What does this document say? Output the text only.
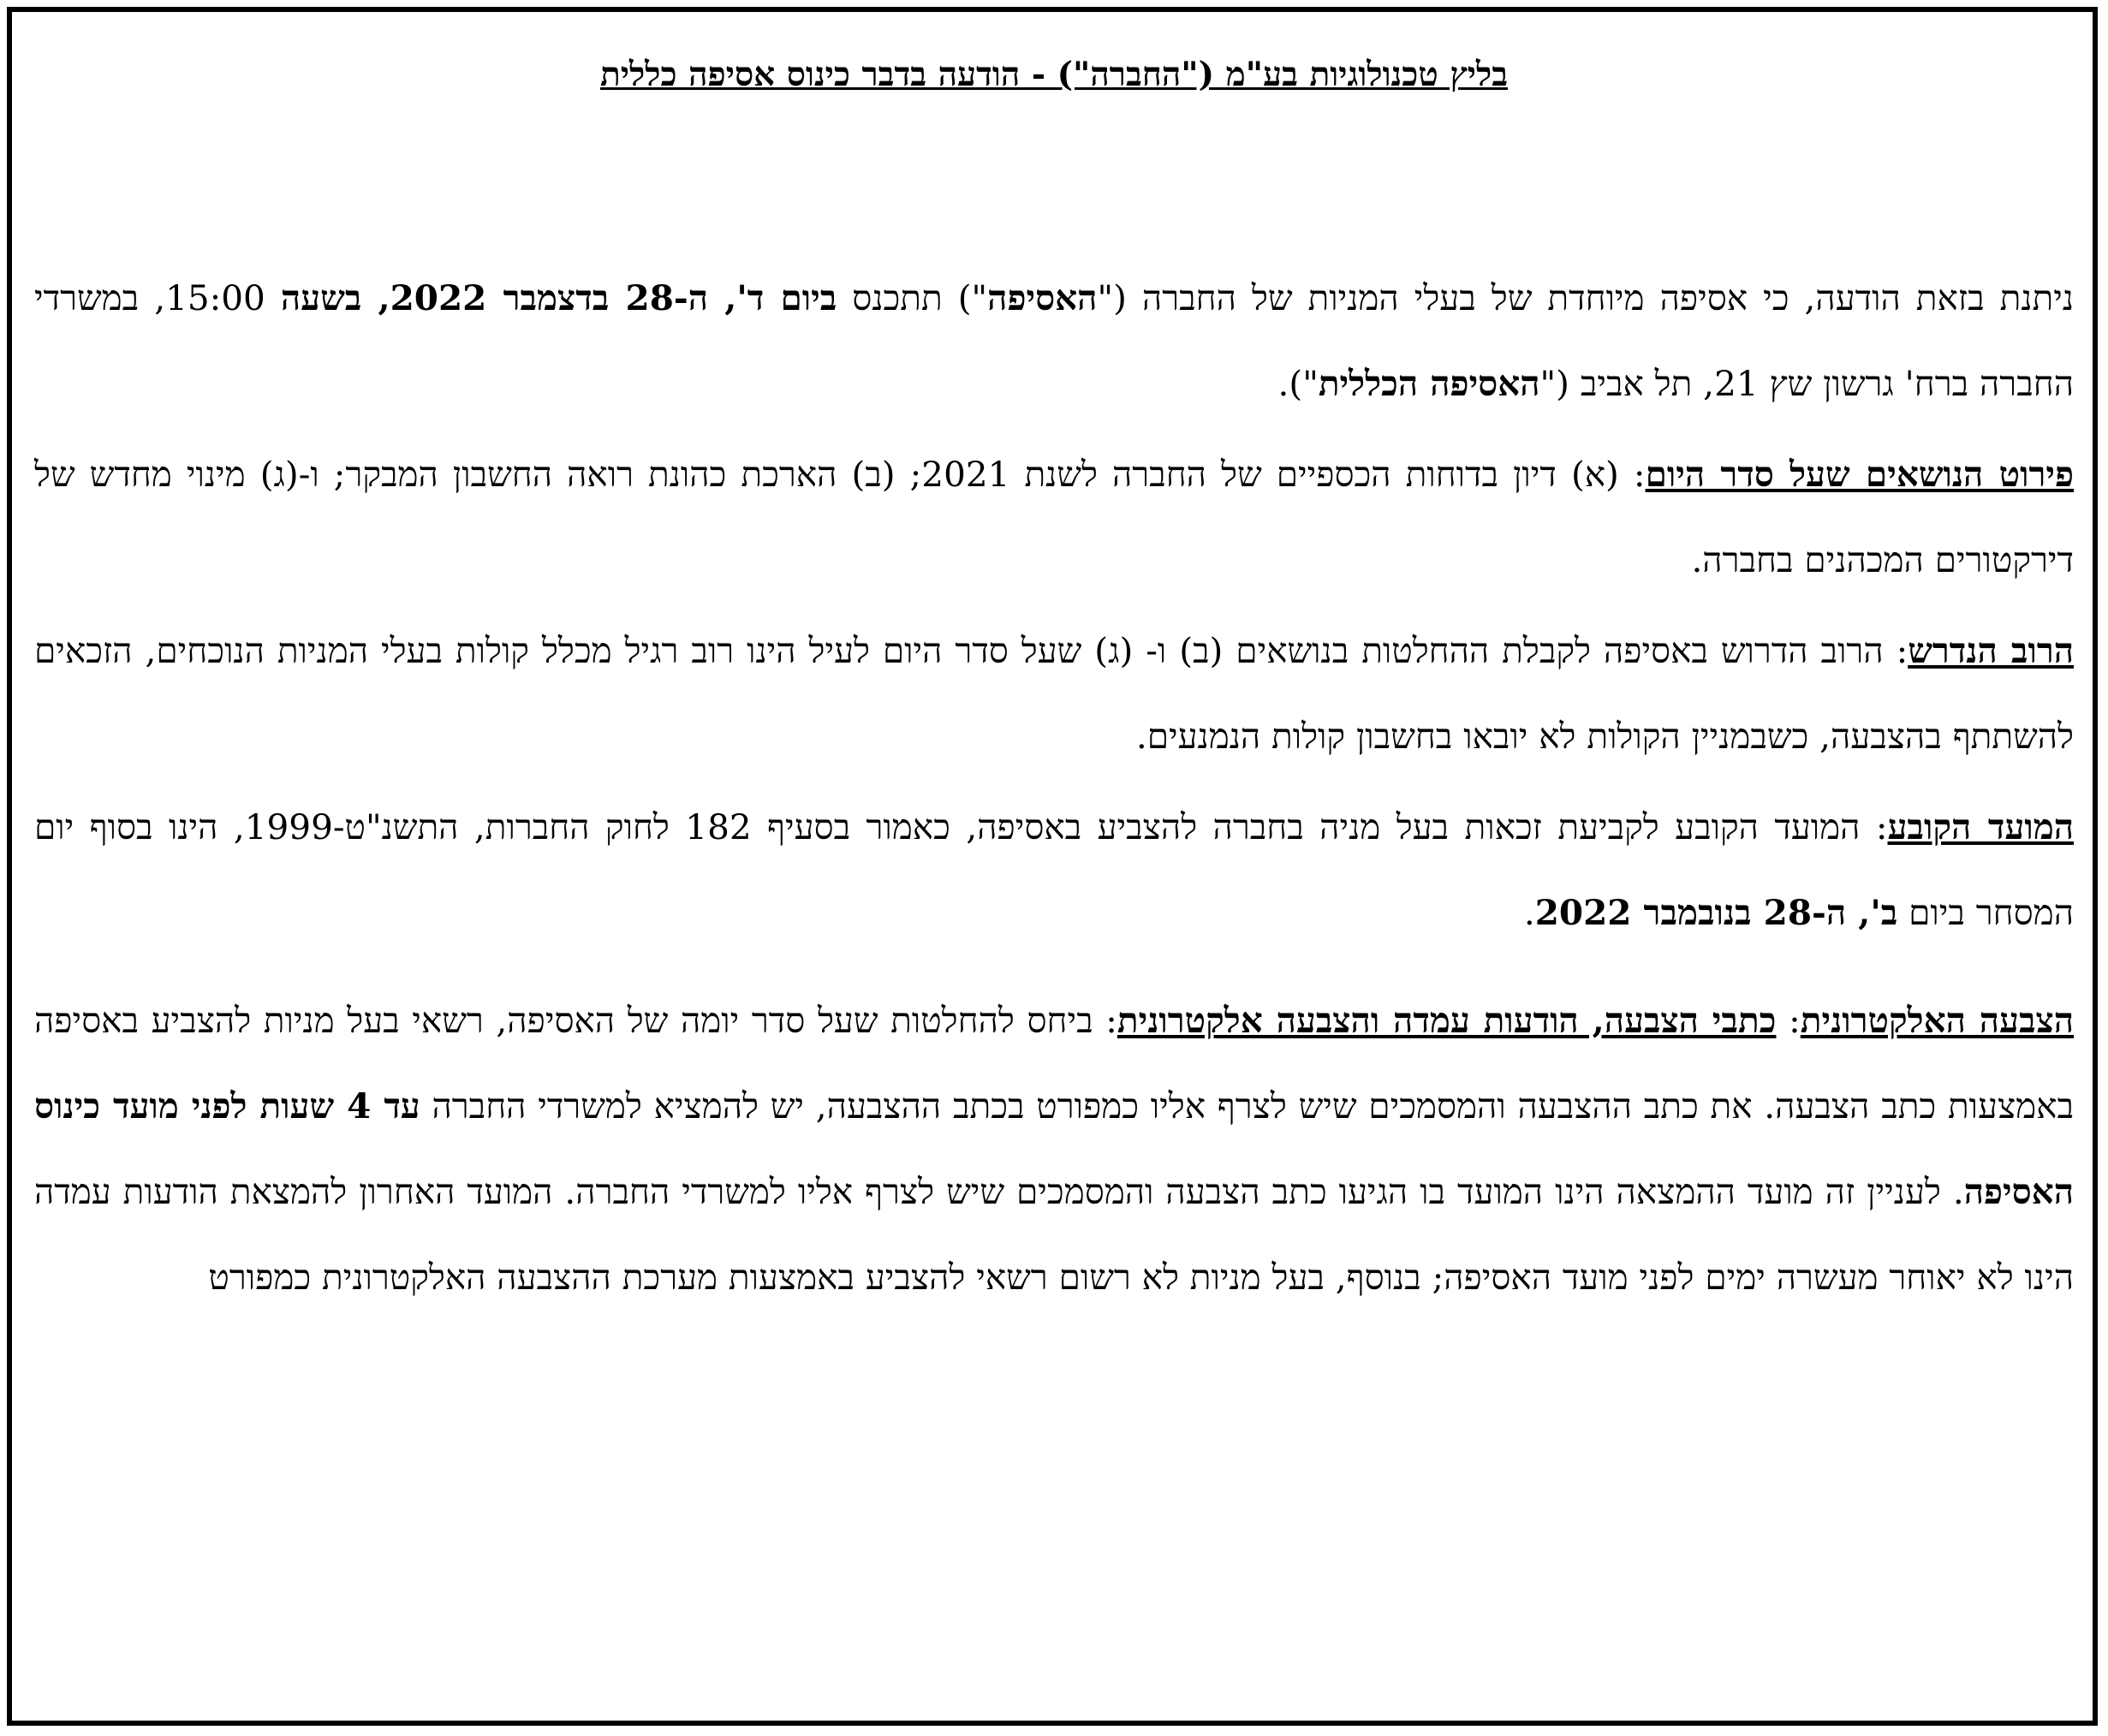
בליץ טכנולוגיות בע"מ ("החברה") - הודעה בדבר כינוס אסיפה כללית

ניתנת בזאת הודעה, כי אסיפה מיוחדת של בעלי המניות של החברה ("האסיפה") תתכנס ביום ד', ה-28 בדצמבר 2022, בשעה 15:00, במשרדי החברה ברח' גרשון שץ 21, תל אביב ("האסיפה הכללית").

פירוט הנושאים שעל סדר היום: (א) דיון בדוחות הכספיים של החברה לשנת 2021; (ב) הארכת כהונת רואה החשבון המבקר; ו-(ג) מינוי מחדש של דירקטורים המכהנים בחברה.

הרוב הנדרש: הרוב הדרוש באסיפה לקבלת ההחלטות בנושאים (ב) ו- (ג) שעל סדר היום לעיל הינו רוב רגיל מכלל קולות בעלי המניות הנוכחים, הזכאים להשתתף בהצבעה, כשבמניין הקולות לא יובאו בחשבון קולות הנמנעים.

המועד הקובע: המועד הקובע לקביעת זכאות בעל מניה בחברה להצביע באסיפה, כאמור בסעיף 182 לחוק החברות, התשנ"ט-1999, הינו בסוף יום המסחר ביום ב', ה-28 בנובמבר 2022.

הצבעה האלקטרונית: כתבי הצבעה, הודעות עמדה והצבעה אלקטרונית: ביחס להחלטות שעל סדר יומה של האסיפה, רשאי בעל מניות להצביע באסיפה באמצעות כתב הצבעה. את כתב ההצבעה והמסמכים שיש לצרף אליו כמפורט בכתב ההצבעה, יש להמציא למשרדי החברה עד 4 שעות לפני מועד כינוס האסיפה. לעניין זה מועד ההמצאה הינו המועד בו הגיעו כתב הצבעה והמסמכים שיש לצרף אליו למשרדי החברה. המועד האחרון להמצאת הודעות עמדה הינו לא יאוחר מעשרה ימים לפני מועד האסיפה; בנוסף, בעל מניות לא רשום רשאי להצביע באמצעות מערכת ההצבעה האלקטרונית כמפורט
